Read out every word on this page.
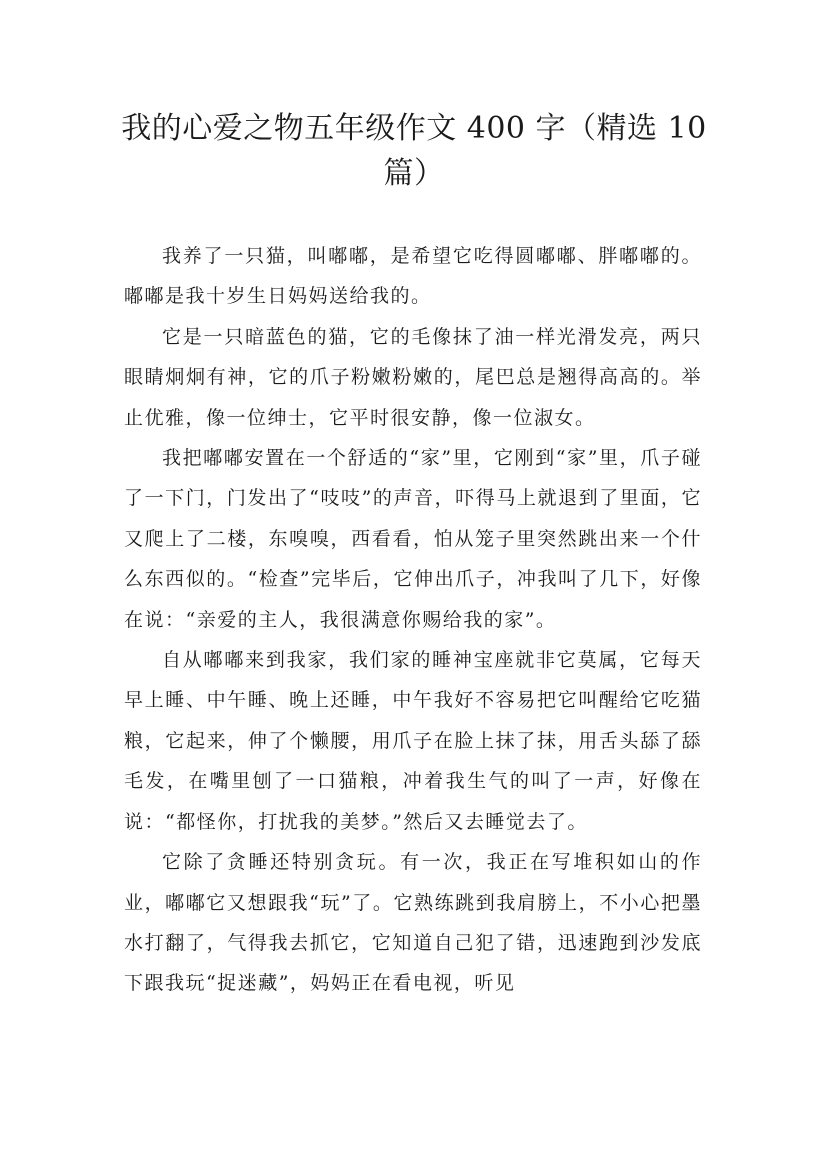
我的心爱之物五年级作文 400 字（精选 10
篇）

我养了一只猫，叫嘟嘟，是希望它吃得圆嘟嘟、胖嘟嘟的。嘟嘟是我十岁生日妈妈送给我的。

它是一只暗蓝色的猫，它的毛像抹了油一样光滑发亮，两只眼睛炯炯有神，它的爪子粉嫩粉嫩的，尾巴总是翘得高高的。举止优雅，像一位绅士，它平时很安静，像一位淑女。

我把嘟嘟安置在一个舒适的“家”里，它刚到“家”里，爪子碰了一下门，门发出了“吱吱”的声音，吓得马上就退到了里面，它又爬上了二楼，东嗅嗅，西看看，怕从笼子里突然跳出来一个什么东西似的。“检查”完毕后，它伸出爪子，冲我叫了几下，好像在说：“亲爱的主人，我很满意你赐给我的家”。

自从嘟嘟来到我家，我们家的睡神宝座就非它莫属，它每天早上睡、中午睡、晚上还睡，中午我好不容易把它叫醒给它吃猫粮，它起来，伸了个懒腰，用爪子在脸上抹了抹，用舌头舔了舔毛发，在嘴里刨了一口猫粮，冲着我生气的叫了一声，好像在说：“都怪你，打扰我的美梦。”然后又去睡觉去了。

它除了贪睡还特别贪玩。有一次，我正在写堆积如山的作业，嘟嘟它又想跟我“玩”了。它熟练跳到我肩膀上，不小心把墨水打翻了，气得我去抓它，它知道自己犯了错，迅速跑到沙发底下跟我玩“捉迷藏”，妈妈正在看电视，听见
